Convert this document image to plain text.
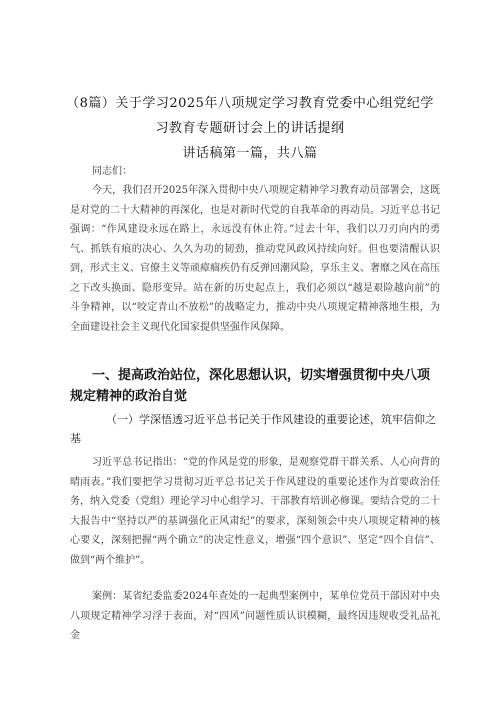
（8篇）关于学习2025年八项规定学习教育党委中心组党纪学
习教育专题研讨会上的讲话提纲
讲话稿第一篇，共八篇

同志们：

今天，我们召开2025年深入贯彻中央八项规定精神学习教育动员部署会，这既是对党的二十大精神的再深化，也是对新时代党的自我革命的再动员。习近平总书记强调：“作风建设永远在路上，永远没有休止符。”过去十年，我们以刀刃向内的勇气、抓铁有痕的决心、久久为功的韧劲，推动党风政风持续向好。但也要清醒认识到，形式主义、官僚主义等顽瘴痼疾仍有反弹回潮风险，享乐主义、奢靡之风在高压之下改头换面、隐形变异。站在新的历史起点上，我们必须以“越是艰险越向前”的斗争精神，以“咬定青山不放松”的战略定力，推动中央八项规定精神落地生根，为全面建设社会主义现代化国家提供坚强作风保障。

一、提高政治站位，深化思想认识，切实增强贯彻中央八项规定精神的政治自觉

（一）学深悟透习近平总书记关于作风建设的重要论述，筑牢信仰之基

习近平总书记指出：“党的作风是党的形象，是观察党群干群关系、人心向背的晴雨表。”我们要把学习贯彻习近平总书记关于作风建设的重要论述作为首要政治任务，纳入党委（党组）理论学习中心组学习、干部教育培训必修课。要结合党的二十大报告中“坚持以严的基调强化正风肃纪”的要求，深刻领会中央八项规定精神的核心要义，深刻把握“两个确立”的决定性意义，增强“四个意识”、坚定“四个自信”、做到“两个维护”。

案例：某省纪委监委2024年查处的一起典型案例中，某单位党员干部因对中央八项规定精神学习浮于表面，对“四风”问题性质认识模糊，最终因违规收受礼品礼金
